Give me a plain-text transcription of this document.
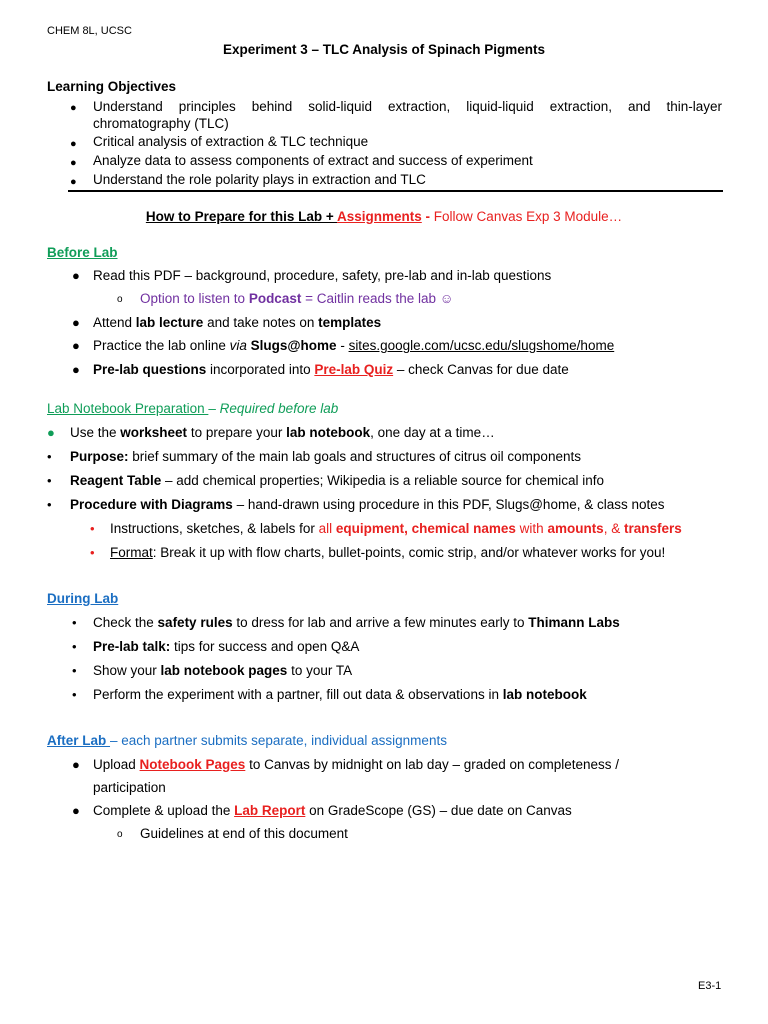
CHEM 8L, UCSC
Experiment 3 – TLC Analysis of Spinach Pigments
Learning Objectives
● Understand principles behind solid-liquid extraction, liquid-liquid extraction, and thin-layer chromatography (TLC)
● Critical analysis of extraction & TLC technique
● Analyze data to assess components of extract and success of experiment
● Understand the role polarity plays in extraction and TLC
How to Prepare for this Lab + Assignments - Follow Canvas Exp 3 Module…
Before Lab
● Read this PDF – background, procedure, safety, pre-lab and in-lab questions
o Option to listen to Podcast = Caitlin reads the lab ☺
● Attend lab lecture and take notes on templates
● Practice the lab online via Slugs@home - sites.google.com/ucsc.edu/slugshome/home
● Pre-lab questions incorporated into Pre-lab Quiz – check Canvas for due date
Lab Notebook Preparation – Required before lab
● Use the worksheet to prepare your lab notebook, one day at a time…
• Purpose: brief summary of the main lab goals and structures of citrus oil components
• Reagent Table – add chemical properties; Wikipedia is a reliable source for chemical info
• Procedure with Diagrams – hand-drawn using procedure in this PDF, Slugs@home, & class notes
• Instructions, sketches, & labels for all equipment, chemical names with amounts, & transfers
• Format: Break it up with flow charts, bullet-points, comic strip, and/or whatever works for you!
During Lab
• Check the safety rules to dress for lab and arrive a few minutes early to Thimann Labs
• Pre-lab talk: tips for success and open Q&A
• Show your lab notebook pages to your TA
• Perform the experiment with a partner, fill out data & observations in lab notebook
After Lab – each partner submits separate, individual assignments
● Upload Notebook Pages to Canvas by midnight on lab day – graded on completeness /
participation
● Complete & upload the Lab Report on GradeScope (GS) – due date on Canvas
o Guidelines at end of this document
E3-1
